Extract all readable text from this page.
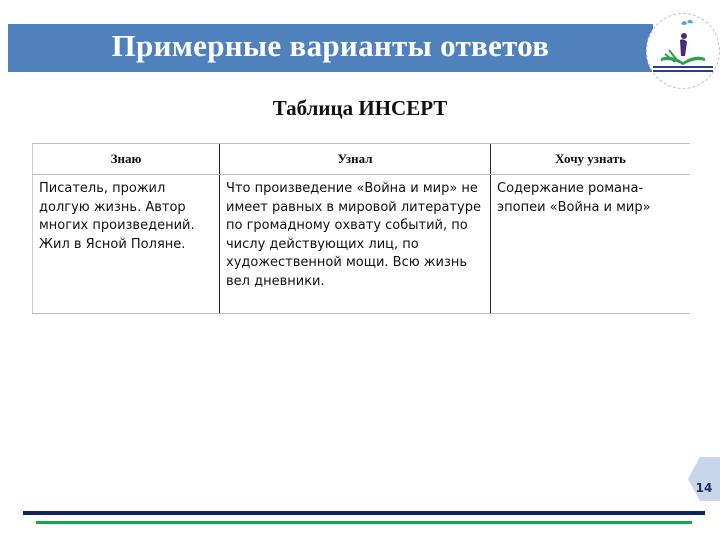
Примерные варианты ответов
Таблица ИНСЕРТ
Знаю	Узнал	Хочу узнать
Писатель, прожил долгую жизнь. Автор многих произведений. Жил в Ясной Поляне.	Что произведение «Война и мир» не имеет равных в мировой литературе по громадному охвату событий, по числу действующих лиц, по художественной мощи. Всю жизнь вел дневники.	Содержание романа-эпопеи «Война и мир»
14
